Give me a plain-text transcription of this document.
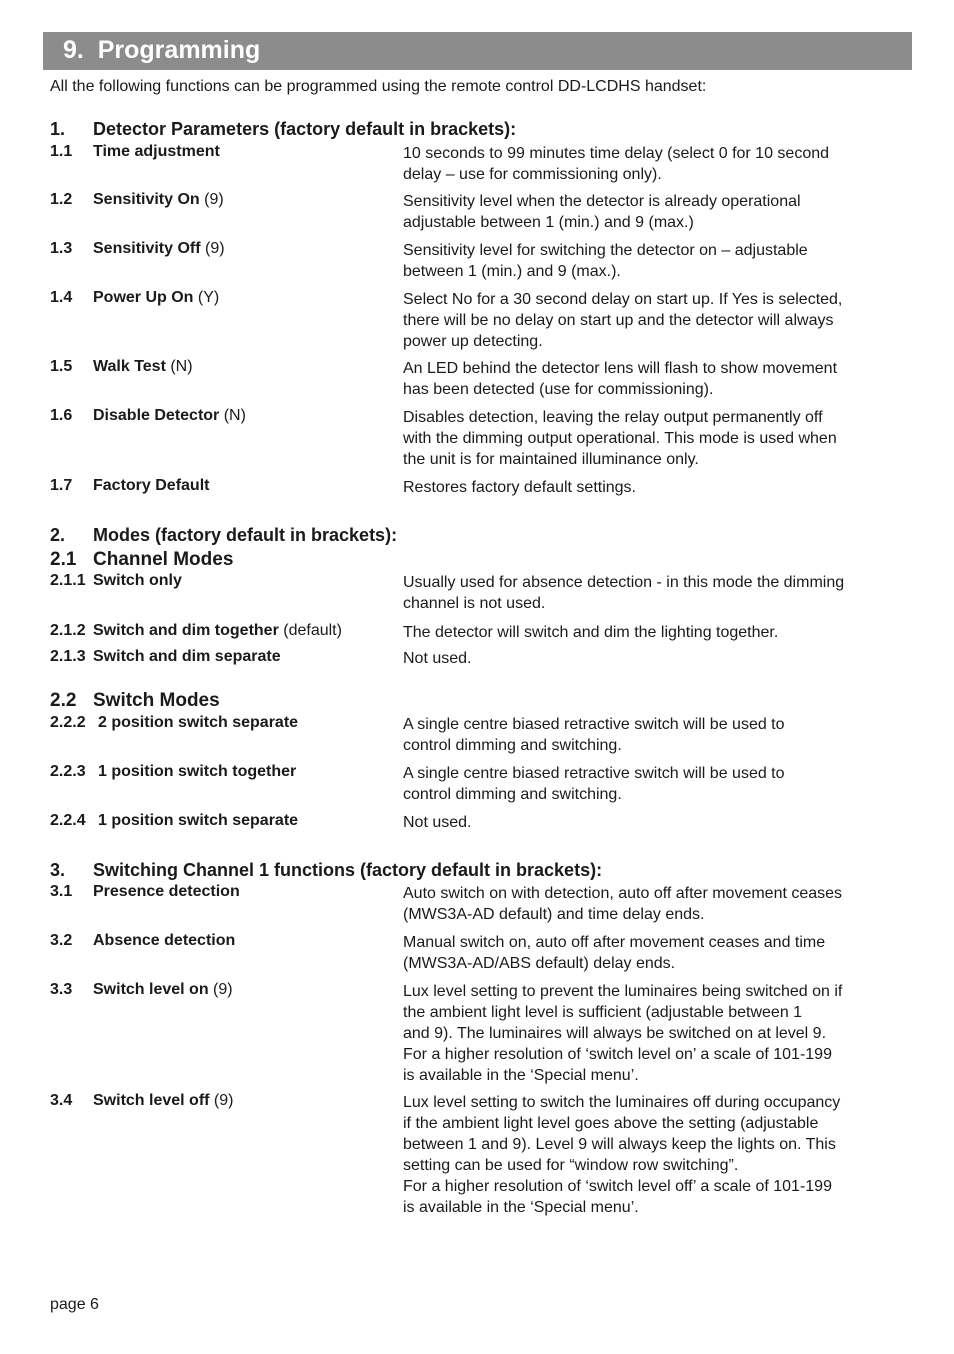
9.  Programming
All the following functions can be programmed using the remote control DD-LCDHS handset:
1. Detector Parameters (factory default in brackets):
1.1 Time adjustment	10 seconds to 99 minutes time delay (select 0 for 10 second
delay – use for commissioning only).
1.2 Sensitivity On (9)	Sensitivity level when the detector is already operational
adjustable between 1 (min.) and 9 (max.)
1.3 Sensitivity Off (9)	Sensitivity level for switching the detector on – adjustable
between 1 (min.) and 9 (max.).
1.4 Power Up On (Y)	Select No for a 30 second delay on start up. If Yes is selected,
there will be no delay on start up and the detector will always
power up detecting.
1.5 Walk Test (N)	An LED behind the detector lens will flash to show movement
has been detected (use for commissioning).
1.6 Disable Detector (N)	Disables detection, leaving the relay output permanently off
with the dimming output operational. This mode is used when
the unit is for maintained illuminance only.
1.7 Factory Default	Restores factory default settings.
2. Modes (factory default in brackets):
2.1 Channel Modes
2.1.1 Switch only	Usually used for absence detection - in this mode the dimming
channel is not used.
2.1.2 Switch and dim together (default)	The detector will switch and dim the lighting together.
2.1.3 Switch and dim separate	Not used.
2.2 Switch Modes
2.2.2 2 position switch separate	A single centre biased retractive switch will be used to
control dimming and switching.
2.2.3 1 position switch together	A single centre biased retractive switch will be used to
control dimming and switching.
2.2.4 1 position switch separate	Not used.
3. Switching Channel 1 functions (factory default in brackets):
3.1 Presence detection	Auto switch on with detection, auto off after movement ceases
(MWS3A-AD default) and time delay ends.
3.2 Absence detection	Manual switch on, auto off after movement ceases and time
(MWS3A-AD/ABS default) delay ends.
3.3 Switch level on (9)	Lux level setting to prevent the luminaires being switched on if
the ambient light level is sufficient (adjustable between 1
and 9). The luminaires will always be switched on at level 9.
For a higher resolution of ‘switch level on’ a scale of 101-199
is available in the ‘Special menu’.
3.4 Switch level off (9)	Lux level setting to switch the luminaires off during occupancy
if the ambient light level goes above the setting (adjustable
between 1 and 9). Level 9 will always keep the lights on. This
setting can be used for “window row switching”.
For a higher resolution of ‘switch level off’ a scale of 101-199
is available in the ‘Special menu’.
page 6
